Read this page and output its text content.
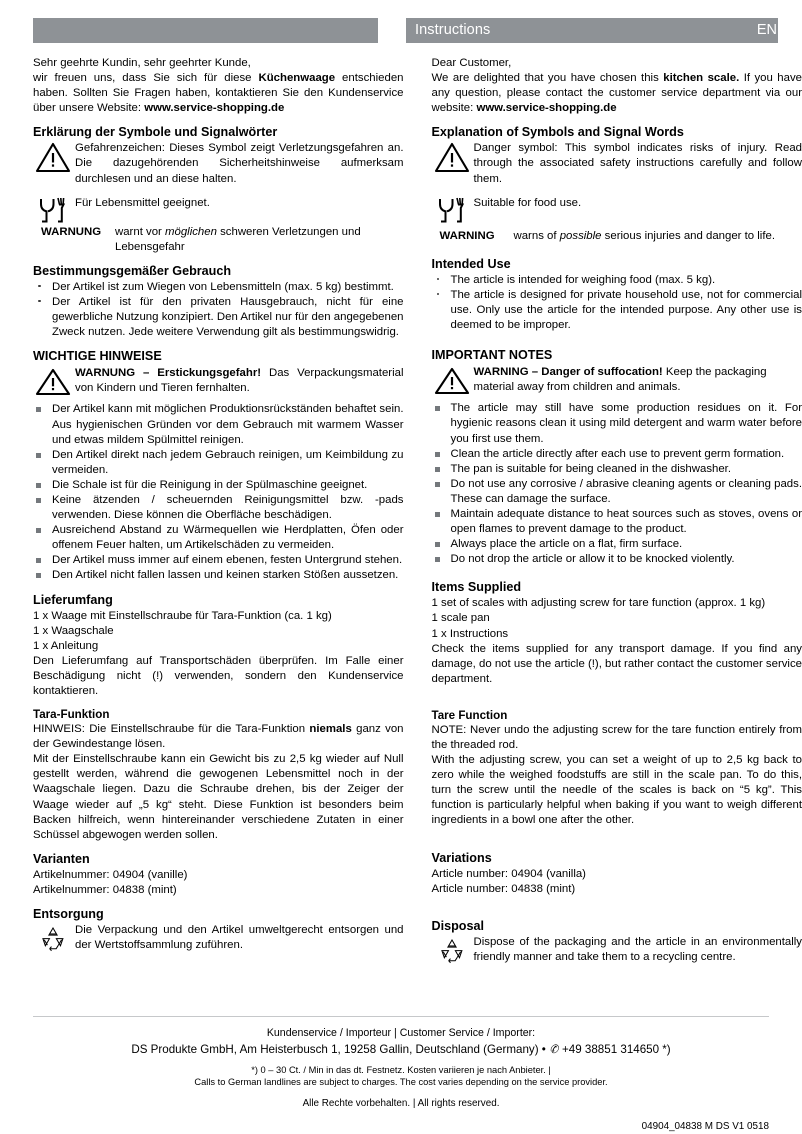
Instructions	EN

Sehr geehrte Kundin, sehr geehrter Kunde,

wir freuen uns, dass Sie sich für diese Küchenwaage entschieden haben. Sollten Sie Fragen haben, kontaktieren Sie den Kundenservice über unsere Website: www.service-shopping.de

Erklärung der Symbole und Signalwörter
Gefahrenzeichen: Dieses Symbol zeigt Verletzungsgefahren an. Die dazugehörenden Sicherheitshinweise aufmerksam durchlesen und an diese halten.
Für Lebensmittel geeignet.
WARNUNG warnt vor möglichen schweren Verletzungen und Lebensgefahr
Bestimmungsgemäßer Gebrauch
Der Artikel ist zum Wiegen von Lebensmitteln (max. 5 kg) bestimmt.
Der Artikel ist für den privaten Hausgebrauch, nicht für eine gewerbliche Nutzung konzipiert. Den Artikel nur für den angegebenen Zweck nutzen. Jede weitere Verwendung gilt als bestimmungswidrig.
WICHTIGE HINWEISE
WARNUNG – Erstickungsgefahr! Das Verpackungsmaterial von Kindern und Tieren fernhalten.
Der Artikel kann mit möglichen Produktionsrückständen behaftet sein. Aus hygienischen Gründen vor dem Gebrauch mit warmem Wasser und etwas mildem Spülmittel reinigen.
Den Artikel direkt nach jedem Gebrauch reinigen, um Keimbildung zu vermeiden.
Die Schale ist für die Reinigung in der Spülmaschine geeignet.
Keine ätzenden / scheuernden Reinigungsmittel bzw. -pads verwenden. Diese können die Oberfläche beschädigen.
Ausreichend Abstand zu Wärmequellen wie Herdplatten, Öfen oder offenem Feuer halten, um Artikelschäden zu vermeiden.
Der Artikel muss immer auf einem ebenen, festen Untergrund stehen.
Den Artikel nicht fallen lassen und keinen starken Stößen aussetzen.
Lieferumfang

1 x Waage mit Einstellschraube für Tara-Funktion (ca. 1 kg)

1 x Waagschale

1 x Anleitung

Den Lieferumfang auf Transportschäden überprüfen. Im Falle einer Beschädigung nicht (!) verwenden, sondern den Kundenservice kontaktieren.

Tara-Funktion

HINWEIS: Die Einstellschraube für die Tara-Funktion niemals ganz von der Gewindestange lösen.

Mit der Einstellschraube kann ein Gewicht bis zu 2,5 kg wieder auf Null gestellt werden, während die gewogenen Lebensmittel noch in der Waagschale liegen. Dazu die Schraube drehen, bis der Zeiger der Waage wieder auf „5 kg“ steht. Diese Funktion ist besonders beim Backen hilfreich, wenn hintereinander verschiedene Zutaten in einer Schüssel abgewogen werden sollen.

Varianten

Artikelnummer: 04904 (vanille)

Artikelnummer: 04838 (mint)

Entsorgung
Die Verpackung und den Artikel umweltgerecht entsorgen und der Wertstoffsammlung zuführen.

Dear Customer,

We are delighted that you have chosen this kitchen scale. If you have any question, please contact the customer service department via our website: www.service-shopping.de

Explanation of Symbols and Signal Words
Danger symbol: This symbol indicates risks of injury. Read through the associated safety instructions carefully and follow them.
Suitable for food use.
WARNING warns of possible serious injuries and danger to life.
Intended Use
The article is intended for weighing food (max. 5 kg).
The article is designed for private household use, not for commercial use. Only use the article for the intended purpose. Any other use is deemed to be improper.
IMPORTANT NOTES
WARNING – Danger of suffocation! Keep the packaging material away from children and animals.
The article may still have some production residues on it. For hygienic reasons clean it using mild detergent and warm water before you first use them.
Clean the article directly after each use to prevent germ formation.
The pan is suitable for being cleaned in the dishwasher.
Do not use any corrosive / abrasive cleaning agents or cleaning pads. These can damage the surface.
Maintain adequate distance to heat sources such as stoves, ovens or open flames to prevent damage to the product.
Always place the article on a flat, firm surface.
Do not drop the article or allow it to be knocked violently.
Items Supplied

1 set of scales with adjusting screw for tare function (approx. 1 kg)

1 scale pan

1 x Instructions

Check the items supplied for any transport damage. If you find any damage, do not use the article (!), but rather contact the customer service department.

Tare Function

NOTE: Never undo the adjusting screw for the tare function entirely from the threaded rod.

With the adjusting screw, you can set a weight of up to 2,5 kg back to zero while the weighed foodstuffs are still in the scale pan. To do this, turn the screw until the needle of the scales is back on “5 kg”. This function is particularly helpful when baking if you want to weigh different ingredients in a bowl one after the other.

Variations

Article number: 04904 (vanilla)

Article number: 04838 (mint)

Disposal
Dispose of the packaging and the article in an environmentally friendly manner and take them to a recycling centre.
Kundenservice / Importeur | Customer Service / Importer:
DS Produkte GmbH, Am Heisterbusch 1, 19258 Gallin, Deutschland (Germany) • ✆ +49 38851 314650 *)
*) 0 – 30 Ct. / Min in das dt. Festnetz. Kosten variieren je nach Anbieter. |
Calls to German landlines are subject to charges. The cost varies depending on the service provider.
Alle Rechte vorbehalten. | All rights reserved.
04904_04838 M DS V1 0518
